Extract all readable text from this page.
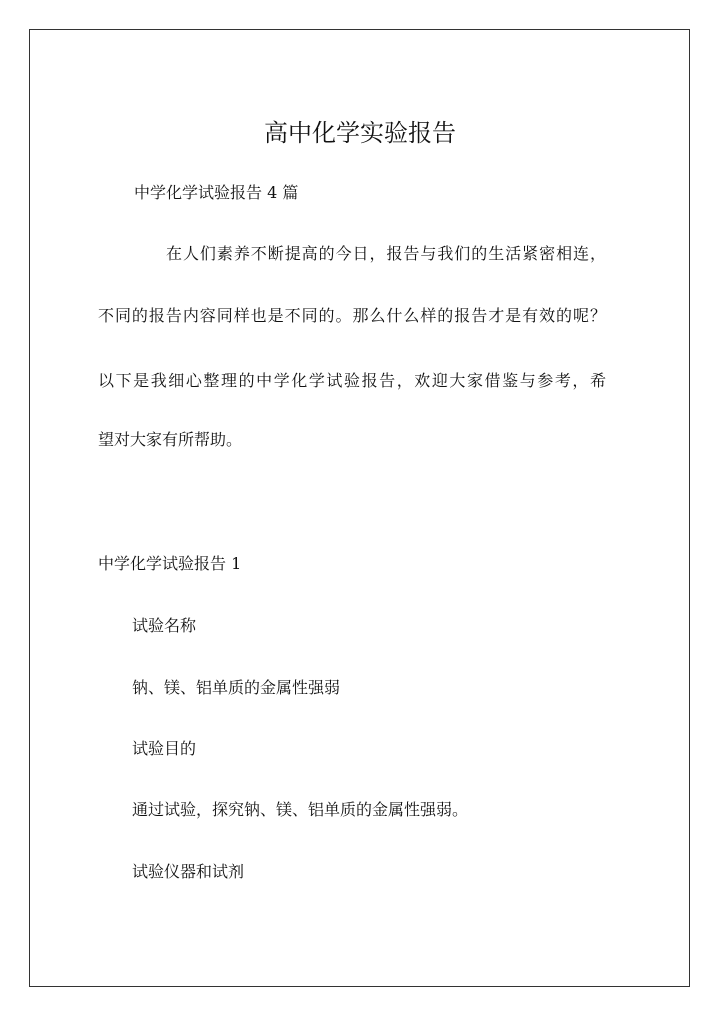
高中化学实验报告
中学化学试验报告 4 篇
在人们素养不断提高的今日，报告与我们的生活紧密相连，
不同的报告内容同样也是不同的。那么什么样的报告才是有效的呢？
以下是我细心整理的中学化学试验报告，欢迎大家借鉴与参考，希
望对大家有所帮助。
中学化学试验报告 1
试验名称
钠、镁、铝单质的金属性强弱
试验目的
通过试验，探究钠、镁、铝单质的金属性强弱。
试验仪器和试剂
